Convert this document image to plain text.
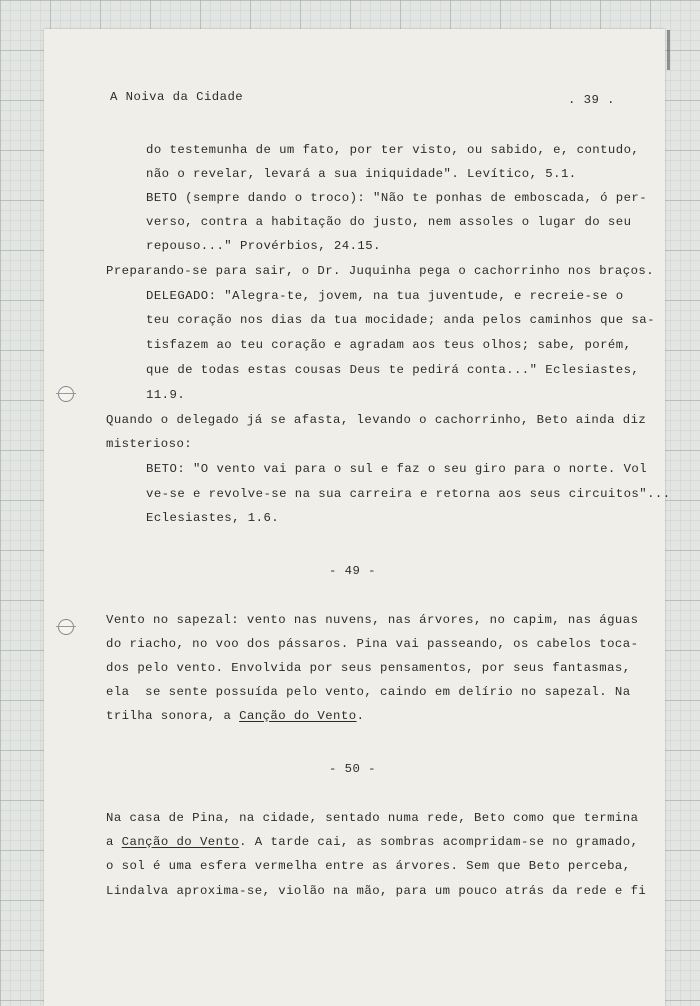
A Noiva da Cidade	. 39 .
do testemunha de um fato, por ter visto, ou sabido, e, contudo,
não o revelar, levará a sua iniquidade". Levítico, 5.1.
BETO (sempre dando o troco): "Não te ponhas de emboscada, ó per-
verso, contra a habitação do justo, nem assoles o lugar do seu
repouso..." Provérbios, 24.15.
Preparando-se para sair, o Dr. Juquinha pega o cachorrinho nos braços.
DELEGADO: "Alegra-te, jovem, na tua juventude, e recreie-se o
teu coração nos dias da tua mocidade; anda pelos caminhos que sa-
tisfazem ao teu coração e agradam aos teus olhos; sabe, porém,
que de todas estas cousas Deus te pedirá conta..." Eclesiastes,
11.9.
Quando o delegado já se afasta, levando o cachorrinho, Beto ainda diz
misterioso:
BETO: "O vento vai para o sul e faz o seu giro para o norte. Vol
ve-se e revolve-se na sua carreira e retorna aos seus circuitos"...
Eclesiastes, 1.6.
- 49 -
Vento no sapezal: vento nas nuvens, nas árvores, no capim, nas águas
do riacho, no voo dos pássaros. Pina vai passeando, os cabelos toca-
dos pelo vento. Envolvida por seus pensamentos, por seus fantasmas,
ela  se sente possuída pelo vento, caindo em delírio no sapezal. Na
trilha sonora, a Canção do Vento.
- 50 -
Na casa de Pina, na cidade, sentado numa rede, Beto como que termina
a Canção do Vento. A tarde cai, as sombras acompridam-se no gramado,
o sol é uma esfera vermelha entre as árvores. Sem que Beto perceba,
Lindalva aproxima-se, violão na mão, para um pouco atrás da rede e fi
